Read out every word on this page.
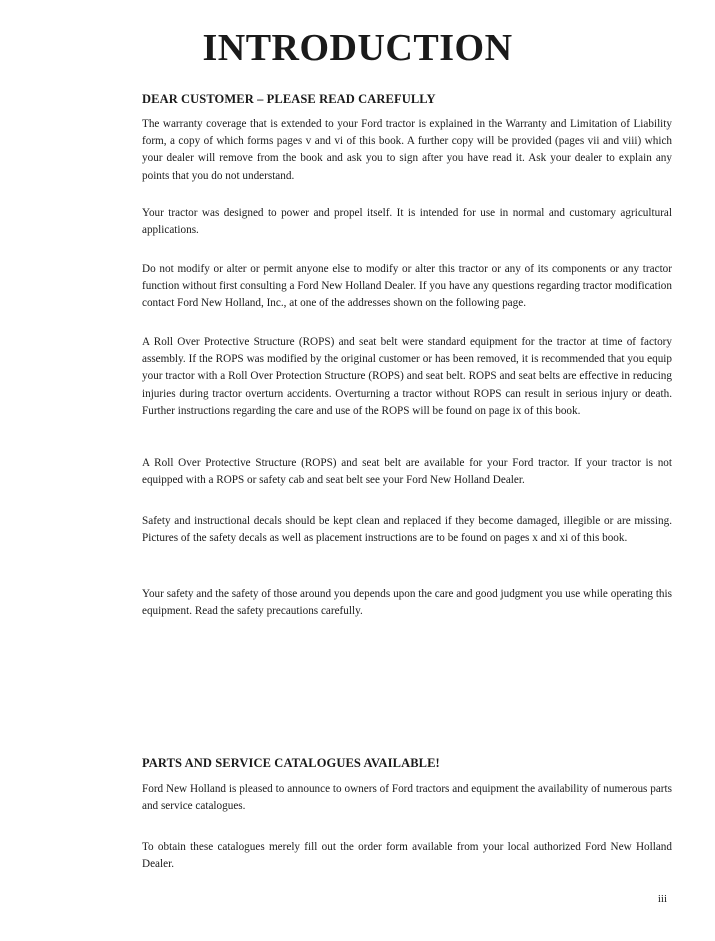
INTRODUCTION
DEAR CUSTOMER – PLEASE READ CAREFULLY

The warranty coverage that is extended to your Ford tractor is explained in the Warranty and Limitation of Liability form, a copy of which forms pages v and vi of this book. A further copy will be provided (pages vii and viii) which your dealer will remove from the book and ask you to sign after you have read it. Ask your dealer to explain any points that you do not understand.

Your tractor was designed to power and propel itself. It is intended for use in normal and customary agricultural applications.

Do not modify or alter or permit anyone else to modify or alter this tractor or any of its components or any tractor function without first consulting a Ford New Holland Dealer. If you have any questions regarding tractor modification contact Ford New Holland, Inc., at one of the addresses shown on the following page.

A Roll Over Protective Structure (ROPS) and seat belt were standard equipment for the tractor at time of factory assembly. If the ROPS was modified by the original customer or has been removed, it is recommended that you equip your tractor with a Roll Over Protection Structure (ROPS) and seat belt. ROPS and seat belts are effective in reducing injuries during tractor overturn accidents. Overturning a tractor without ROPS can result in serious injury or death. Further instructions regarding the care and use of the ROPS will be found on page ix of this book.

A Roll Over Protective Structure (ROPS) and seat belt are available for your Ford tractor. If your tractor is not equipped with a ROPS or safety cab and seat belt see your Ford New Holland Dealer.

Safety and instructional decals should be kept clean and replaced if they become damaged, illegible or are missing. Pictures of the safety decals as well as placement instructions are to be found on pages x and xi of this book.

Your safety and the safety of those around you depends upon the care and good judgment you use while operating this equipment. Read the safety precautions carefully.

PARTS AND SERVICE CATALOGUES AVAILABLE!

Ford New Holland is pleased to announce to owners of Ford tractors and equipment the availability of numerous parts and service catalogues.

To obtain these catalogues merely fill out the order form available from your local authorized Ford New Holland Dealer.

iii
